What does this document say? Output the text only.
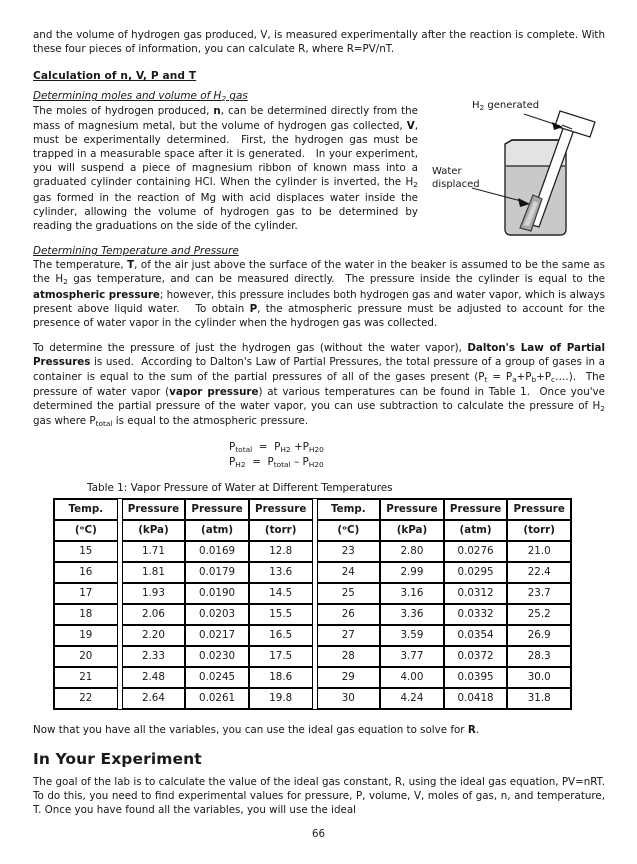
and the volume of hydrogen gas produced, V, is measured experimentally after the reaction is complete. With these four pieces of information, you can calculate R, where R=PV/nT.

Calculation of n, V, P and T
Determining moles and volume of $H_2$ gas

The moles of hydrogen produced, n, can be determined directly from the mass of magnesium metal, but the volume of hydrogen gas collected, V, must be experimentally determined.  First, the hydrogen gas must be trapped in a measurable space after it is generated.   In your experiment, you will suspend a piece of magnesium ribbon of known mass into a graduated cylinder containing HCl. When the cylinder is inverted, the $H_2$ gas formed in the reaction of Mg with acid displaces water inside the cylinder, allowing the volume of hydrogen gas to be determined by reading the graduations on the side of the cylinder.

Determining Temperature and Pressure

The temperature, T, of the air just above the surface of the water in the beaker is assumed to be the same as the $H_2$ gas temperature, and can be measured directly.  The pressure inside the cylinder is equal to the atmospheric pressure; however, this pressure includes both hydrogen gas and water vapor, which is always present above liquid water.   To obtain P, the atmospheric pressure must be adjusted to account for the presence of water vapor in the cylinder when the hydrogen gas was collected.

To determine the pressure of just the hydrogen gas (without the water vapor), Dalton's Law of Partial Pressures is used.  According to Dalton's Law of Partial Pressures, the total pressure of a group of gases in a container is equal to the sum of the partial pressures of all of the gases present ($P_t$ = $P_a+P_b+P_c\dots$.).  The pressure of water vapor (vapor pressure) at various temperatures can be found in Table 1.  Once you've determined the partial pressure of the water vapor, you can use subtraction to calculate the pressure of $H_2$ gas where $P_{total}$ is equal to the atmospheric pressure.

$P_{total} = P_{H2} +P_{H20}$
$P_{H2} = P_{total} - P_{H20}$
Table 1: Vapor Pressure of Water at Different Temperatures
Temp.		Pressure	Pressure	Pressure		Temp.	Pressure	Pressure	Pressure
(ᵒC)		(kPa)	(atm)	(torr)		(ᵒC)	(kPa)	(atm)	(torr)
15		1.71	0.0169	12.8		23	2.80	0.0276	21.0
16		1.81	0.0179	13.6		24	2.99	0.0295	22.4
17		1.93	0.0190	14.5		25	3.16	0.0312	23.7
18		2.06	0.0203	15.5		26	3.36	0.0332	25.2
19		2.20	0.0217	16.5		27	3.59	0.0354	26.9
20		2.33	0.0230	17.5		28	3.77	0.0372	28.3
21		2.48	0.0245	18.6		29	4.00	0.0395	30.0
22		2.64	0.0261	19.8		30	4.24	0.0418	31.8

Now that you have all the variables, you can use the ideal gas equation to solve for R.

In Your Experiment

The goal of the lab is to calculate the value of the ideal gas constant, R, using the ideal gas equation, PV=nRT. To do this, you need to find experimental values for pressure, P, volume, V, moles of gas, n, and temperature, T. Once you have found all the variables, you will use the ideal

$H_2$ generated
Water
displaced
66
